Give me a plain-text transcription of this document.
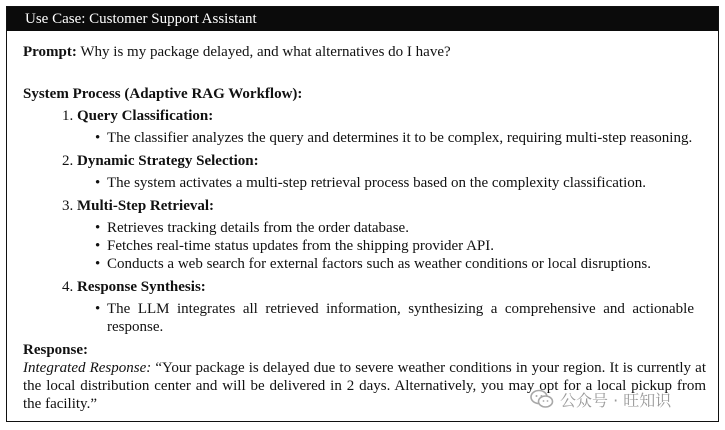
Use Case: Customer Support Assistant
Prompt: Why is my package delayed, and what alternatives do I have?
System Process (Adaptive RAG Workflow):
1. Query Classification:
• The classifier analyzes the query and determines it to be complex, requiring multi-step reasoning.
2. Dynamic Strategy Selection:
• The system activates a multi-step retrieval process based on the complexity classification.
3. Multi-Step Retrieval:
• Retrieves tracking details from the order database.
• Fetches real-time status updates from the shipping provider API.
• Conducts a web search for external factors such as weather conditions or local disruptions.
4. Response Synthesis:
• The LLM integrates all retrieved information, synthesizing a comprehensive and actionable response.
Response:
Integrated Response: “Your package is delayed due to severe weather conditions in your region. It is currently at the local distribution center and will be delivered in 2 days. Alternatively, you may opt for a local pickup from the facility.”	公众号 · 旺知识
